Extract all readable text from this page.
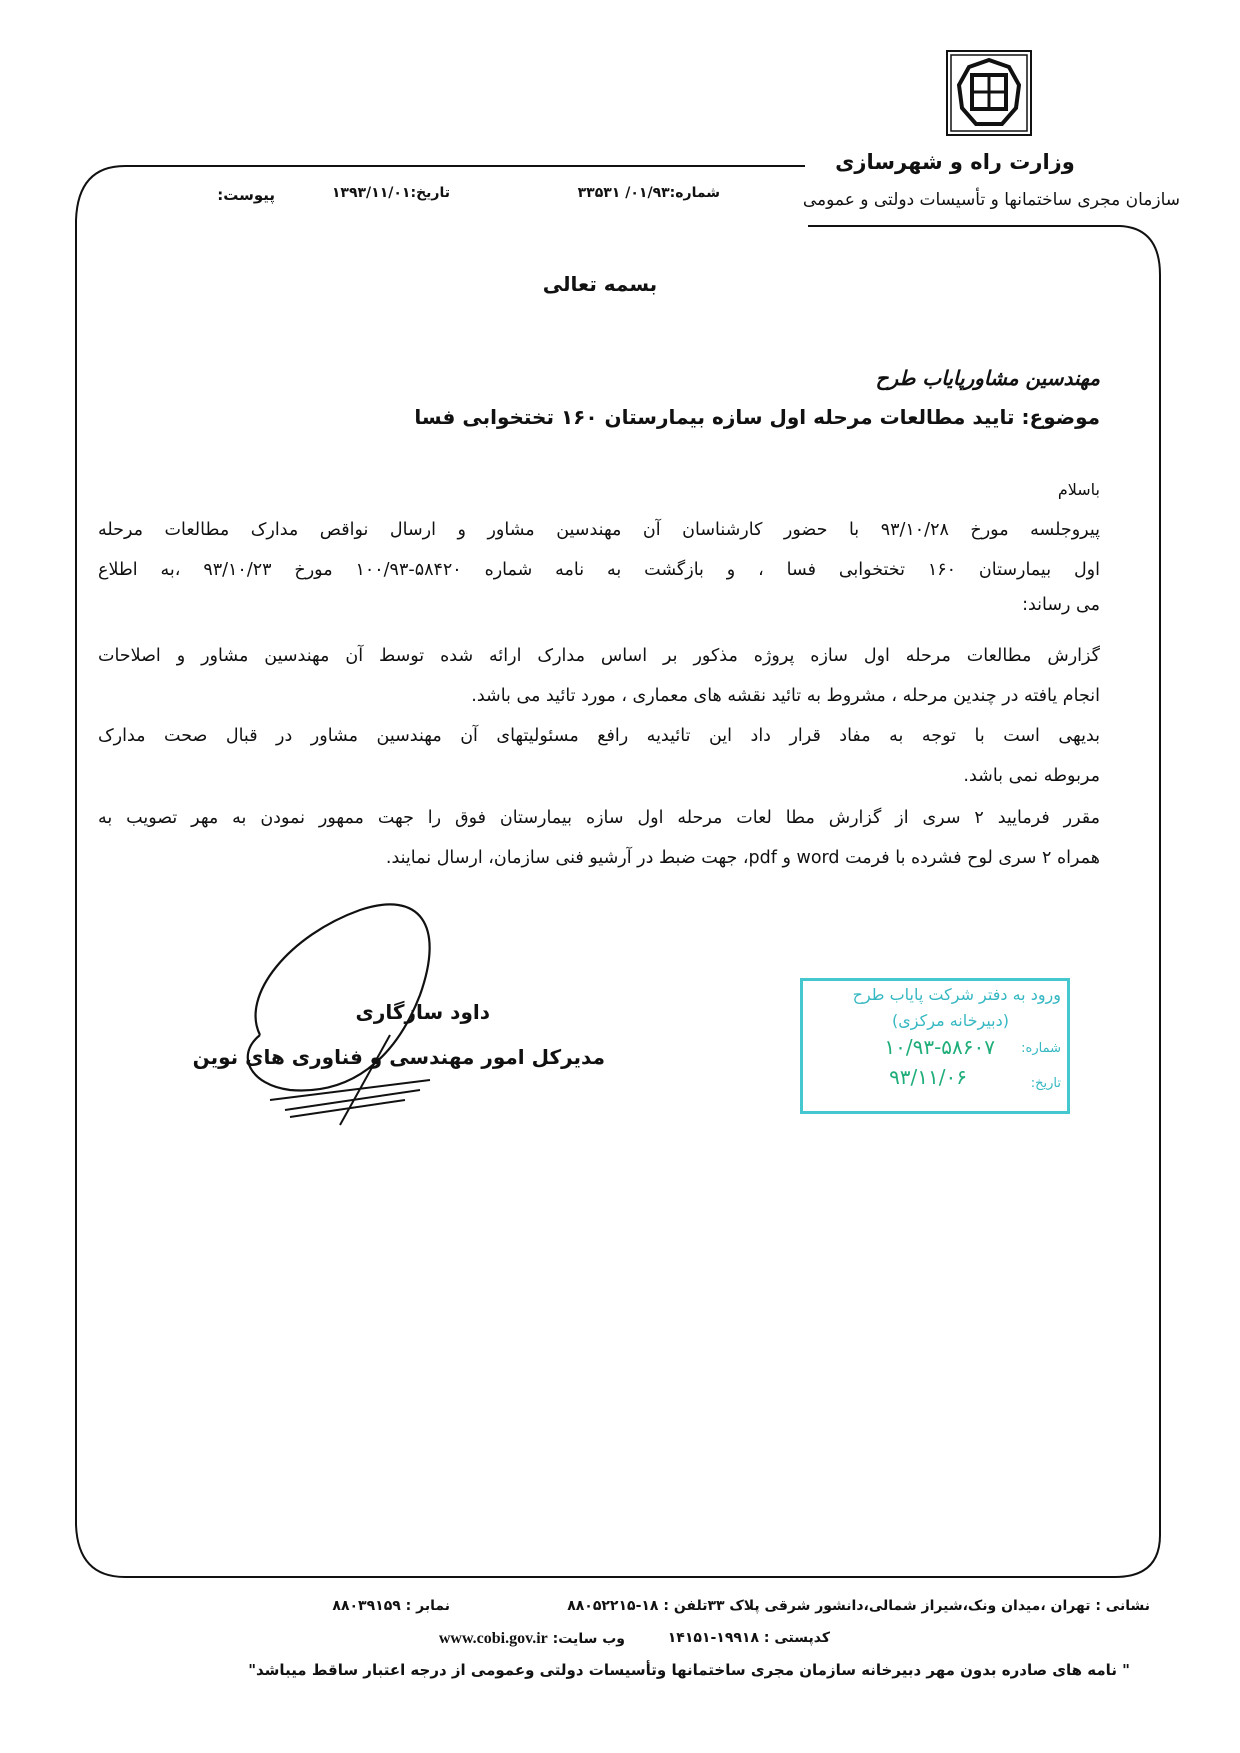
وزارت راه و شهرسازی
سازمان مجری ساختمانها و تأسیسات دولتی و عمومی
شماره:۰۱/۹۳/ ۳۳۵۳۱
تاریخ:۱۳۹۳/۱۱/۰۱
پیوست:
بسمه تعالی
مهندسین مشاورپایاب طرح
موضوع: تایید مطالعات مرحله اول سازه بیمارستان ۱۶۰ تختخوابی فسا
باسلام
پیروجلسه مورخ ۹۳/۱۰/۲۸ با حضور کارشناسان آن مهندسین مشاور و ارسال نواقص مدارک مطالعات مرحله
اول بیمارستان ۱۶۰ تختخوابی فسا ، و بازگشت به نامه شماره ۵۸۴۲۰-۱۰۰/۹۳ مورخ ۹۳/۱۰/۲۳ ،به اطلاع
می رساند:
گزارش مطالعات مرحله اول سازه پروژه مذکور بر اساس مدارک ارائه شده توسط آن مهندسین مشاور و اصلاحات
انجام یافته در چندین مرحله ، مشروط به تائید نقشه های معماری ، مورد تائید می باشد.
بدیهی است با توجه به مفاد قرار داد این تائیدیه رافع مسئولیتهای آن مهندسین مشاور در قبال صحت مدارک
مربوطه نمی باشد.
مقرر فرمایید ۲ سری از گزارش مطا لعات مرحله اول سازه بیمارستان فوق را جهت ممهور نمودن به مهر تصویب به
همراه ۲ سری لوح فشرده با فرمت word و pdf، جهت ضبط در آرشیو فنی سازمان، ارسال نمایند.
داود سازگاری
مدیرکل امور مهندسی و فناوری های نوین
ورود به دفتر شرکت پایاب طرح
(دبیرخانه مرکزی)
شماره:
۱۰/۹۳-۵۸۶۰۷
تاریخ:
۹۳/۱۱/۰۶
نشانی : تهران ،میدان ونک،شیراز شمالی،دانشور شرقی پلاک ۳۳تلفن : ۱۸-۸۸۰۵۲۲۱۵
نمابر : ۸۸۰۳۹۱۵۹
کدپستی : ۱۹۹۱۸-۱۴۱۵۱
وب سایت: www.cobi.gov.ir
" نامه های صادره بدون مهر دبیرخانه سازمان مجری ساختمانها وتأسیسات دولتی وعمومی از درجه اعتبار ساقط میباشد"
